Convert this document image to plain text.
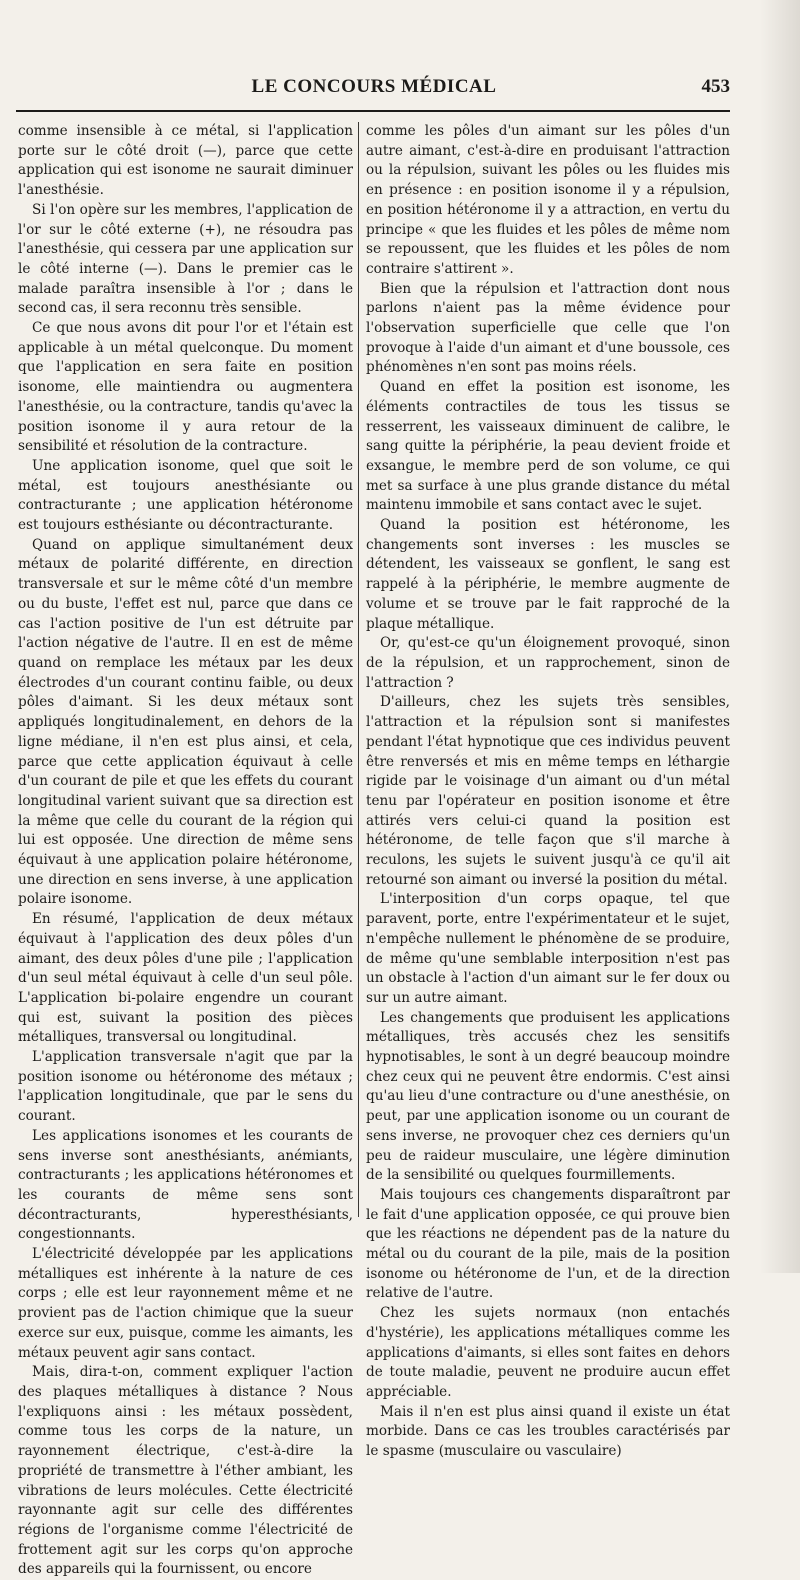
LE CONCOURS MÉDICAL	453

comme insensible à ce métal, si l'application porte sur le côté droit (—), parce que cette application qui est isonome ne saurait diminuer l'anesthésie.

Si l'on opère sur les membres, l'application de l'or sur le côté externe (+), ne résoudra pas l'anesthésie, qui cessera par une application sur le côté interne (—). Dans le premier cas le malade paraîtra insensible à l'or ; dans le second cas, il sera reconnu très sensible.

Ce que nous avons dit pour l'or et l'étain est applicable à un métal quelconque. Du moment que l'application en sera faite en position isonome, elle maintiendra ou augmentera l'anesthésie, ou la contracture, tandis qu'avec la position isonome il y aura retour de la sensibilité et résolution de la contracture.

Une application isonome, quel que soit le métal, est toujours anesthésiante ou contracturante ; une application hétéronome est toujours esthésiante ou décontracturante.

Quand on applique simultanément deux métaux de polarité différente, en direction transversale et sur le même côté d'un membre ou du buste, l'effet est nul, parce que dans ce cas l'action positive de l'un est détruite par l'action négative de l'autre. Il en est de même quand on remplace les métaux par les deux électrodes d'un courant continu faible, ou deux pôles d'aimant. Si les deux métaux sont appliqués longitudinalement, en dehors de la ligne médiane, il n'en est plus ainsi, et cela, parce que cette application équivaut à celle d'un courant de pile et que les effets du courant longitudinal varient suivant que sa direction est la même que celle du courant de la région qui lui est opposée. Une direction de même sens équivaut à une application polaire hétéronome, une direction en sens inverse, à une application polaire isonome.

En résumé, l'application de deux métaux équivaut à l'application des deux pôles d'un aimant, des deux pôles d'une pile ; l'application d'un seul métal équivaut à celle d'un seul pôle. L'application bi-polaire engendre un courant qui est, suivant la position des pièces métalliques, transversal ou longitudinal.

L'application transversale n'agit que par la position isonome ou hétéronome des métaux ; l'application longitudinale, que par le sens du courant.

Les applications isonomes et les courants de sens inverse sont anesthésiants, anémiants, contracturants ; les applications hétéronomes et les courants de même sens sont décontracturants, hyperesthésiants, congestionnants.

L'électricité développée par les applications métalliques est inhérente à la nature de ces corps ; elle est leur rayonnement même et ne provient pas de l'action chimique que la sueur exerce sur eux, puisque, comme les aimants, les métaux peuvent agir sans contact.

Mais, dira-t-on, comment expliquer l'action des plaques métalliques à distance ? Nous l'expliquons ainsi : les métaux possèdent, comme tous les corps de la nature, un rayonnement électrique, c'est-à-dire la propriété de transmettre à l'éther ambiant, les vibrations de leurs molécules. Cette électricité rayonnante agit sur celle des différentes régions de l'organisme comme l'électricité de frottement agit sur les corps qu'on approche des appareils qui la fournissent, ou encore

comme les pôles d'un aimant sur les pôles d'un autre aimant, c'est-à-dire en produisant l'attraction ou la répulsion, suivant les pôles ou les fluides mis en présence : en position isonome il y a répulsion, en position hétéronome il y a attraction, en vertu du principe « que les fluides et les pôles de même nom se repoussent, que les fluides et les pôles de nom contraire s'attirent ».

Bien que la répulsion et l'attraction dont nous parlons n'aient pas la même évidence pour l'observation superficielle que celle que l'on provoque à l'aide d'un aimant et d'une boussole, ces phénomènes n'en sont pas moins réels.

Quand en effet la position est isonome, les éléments contractiles de tous les tissus se resserrent, les vaisseaux diminuent de calibre, le sang quitte la périphérie, la peau devient froide et exsangue, le membre perd de son volume, ce qui met sa surface à une plus grande distance du métal maintenu immobile et sans contact avec le sujet.

Quand la position est hétéronome, les changements sont inverses : les muscles se détendent, les vaisseaux se gonflent, le sang est rappelé à la périphérie, le membre augmente de volume et se trouve par le fait rapproché de la plaque métallique.

Or, qu'est-ce qu'un éloignement provoqué, sinon de la répulsion, et un rapprochement, sinon de l'attraction ?

D'ailleurs, chez les sujets très sensibles, l'attraction et la répulsion sont si manifestes pendant l'état hypnotique que ces individus peuvent être renversés et mis en même temps en léthargie rigide par le voisinage d'un aimant ou d'un métal tenu par l'opérateur en position isonome et être attirés vers celui-ci quand la position est hétéronome, de telle façon que s'il marche à reculons, les sujets le suivent jusqu'à ce qu'il ait retourné son aimant ou inversé la position du métal.

L'interposition d'un corps opaque, tel que paravent, porte, entre l'expérimentateur et le sujet, n'empêche nullement le phénomène de se produire, de même qu'une semblable interposition n'est pas un obstacle à l'action d'un aimant sur le fer doux ou sur un autre aimant.

Les changements que produisent les applications métalliques, très accusés chez les sensitifs hypnotisables, le sont à un degré beaucoup moindre chez ceux qui ne peuvent être endormis. C'est ainsi qu'au lieu d'une contracture ou d'une anesthésie, on peut, par une application isonome ou un courant de sens inverse, ne provoquer chez ces derniers qu'un peu de raideur musculaire, une légère diminution de la sensibilité ou quelques fourmillements.

Mais toujours ces changements disparaîtront par le fait d'une application opposée, ce qui prouve bien que les réactions ne dépendent pas de la nature du métal ou du courant de la pile, mais de la position isonome ou hétéronome de l'un, et de la direction relative de l'autre.

Chez les sujets normaux (non entachés d'hystérie), les applications métalliques comme les applications d'aimants, si elles sont faites en dehors de toute maladie, peuvent ne produire aucun effet appréciable.

Mais il n'en est plus ainsi quand il existe un état morbide. Dans ce cas les troubles caractérisés par le spasme (musculaire ou vasculaire)
